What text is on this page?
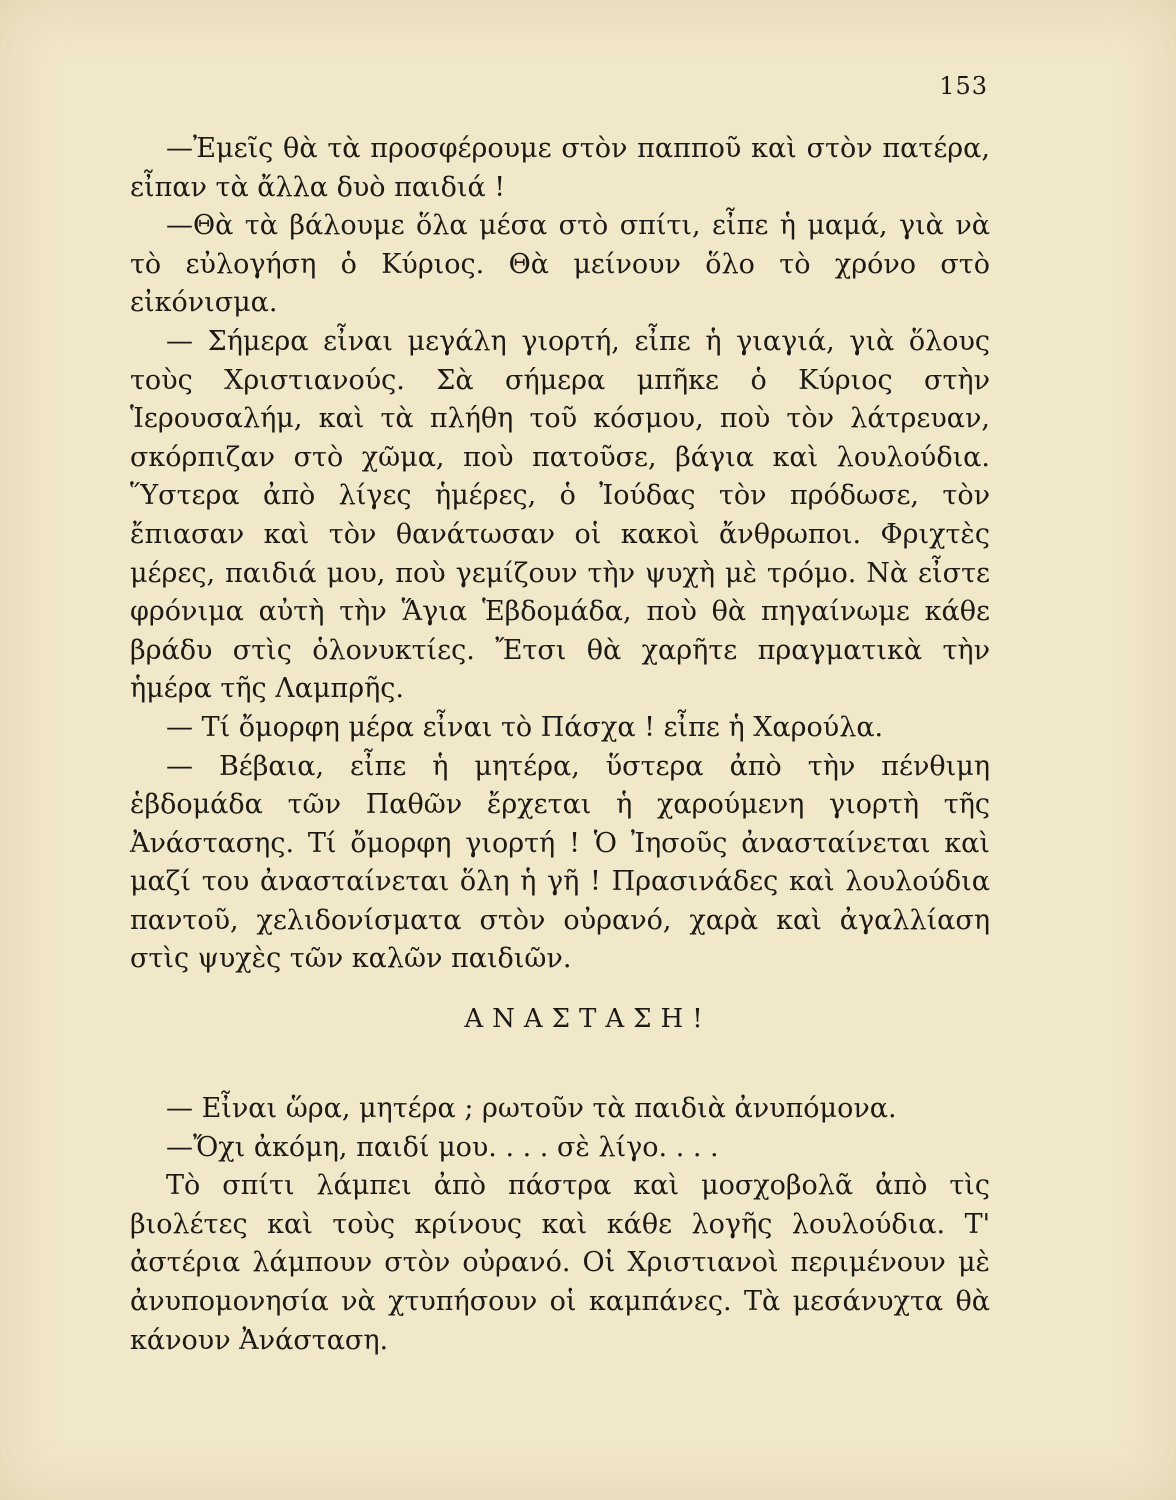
153

—Ἐμεῖς θὰ τὰ προσφέρουμε στὸν παπποῦ καὶ στὸν πατέρα, εἶπαν τὰ ἄλλα δυὸ παιδιά !

—Θὰ τὰ βάλουμε ὅλα μέσα στὸ σπίτι, εἶπε ἡ μαμά, γιὰ νὰ τὸ εὐλογήση ὁ Κύριος. Θὰ μείνουν ὅλο τὸ χρόνο στὸ εἰκόνισμα.

— Σήμερα εἶναι μεγάλη γιορτή, εἶπε ἡ γιαγιά, γιὰ ὅλους τοὺς Χριστιανούς. Σὰ σήμερα μπῆκε ὁ Κύριος στὴν Ἱερουσαλήμ, καὶ τὰ πλήθη τοῦ κόσμου, ποὺ τὸν λάτρευαν, σκόρπιζαν στὸ χῶμα, ποὺ πατοῦσε, βάγια καὶ λουλούδια. Ὕστερα ἀπὸ λίγες ἡμέρες, ὁ Ἰούδας τὸν πρόδωσε, τὸν ἔπιασαν καὶ τὸν θανάτωσαν οἱ κακοὶ ἄνθρωποι. Φριχτὲς μέρες, παιδιά μου, ποὺ γεμίζουν τὴν ψυχὴ μὲ τρόμο. Νὰ εἶστε φρόνιμα αὐτὴ τὴν Ἅγια Ἑβδομάδα, ποὺ θὰ πηγαίνωμε κάθε βράδυ στὶς ὁλονυκτίες. Ἔτσι θὰ χαρῆτε πραγματικὰ τὴν ἡμέρα τῆς Λαμπρῆς.

— Τί ὄμορφη μέρα εἶναι τὸ Πάσχα ! εἶπε ἡ Χαρούλα.

— Βέβαια, εἶπε ἡ μητέρα, ὕστερα ἀπὸ τὴν πένθιμη ἑβδομάδα τῶν Παθῶν ἔρχεται ἡ χαρούμενη γιορτὴ τῆς Ἀνάστασης. Τί ὄμορφη γιορτή ! Ὁ Ἰησοῦς ἀνασταίνεται καὶ μαζί του ἀνασταίνεται ὅλη ἡ γῆ ! Πρασινάδες καὶ λουλούδια παντοῦ, χελιδονίσματα στὸν οὐρανό, χαρὰ καὶ ἀγαλλίαση στὶς ψυχὲς τῶν καλῶν παιδιῶν.

ΑΝΑΣΤΑΣΗ!

— Εἶναι ὥρα, μητέρα ; ρωτοῦν τὰ παιδιὰ ἀνυπόμονα.

—Ὄχι ἀκόμη, παιδί μου. . . . σὲ λίγο. . . .

Τὸ σπίτι λάμπει ἀπὸ πάστρα καὶ μοσχοβολᾶ ἀπὸ τὶς βιολέτες καὶ τοὺς κρίνους καὶ κάθε λογῆς λουλούδια. Τ' ἀστέρια λάμπουν στὸν οὐρανό. Οἱ Χριστιανοὶ περιμένουν μὲ ἀνυπομονησία νὰ χτυπήσουν οἱ καμπάνες. Τὰ μεσάνυχτα θὰ κάνουν Ἀνάσταση.
